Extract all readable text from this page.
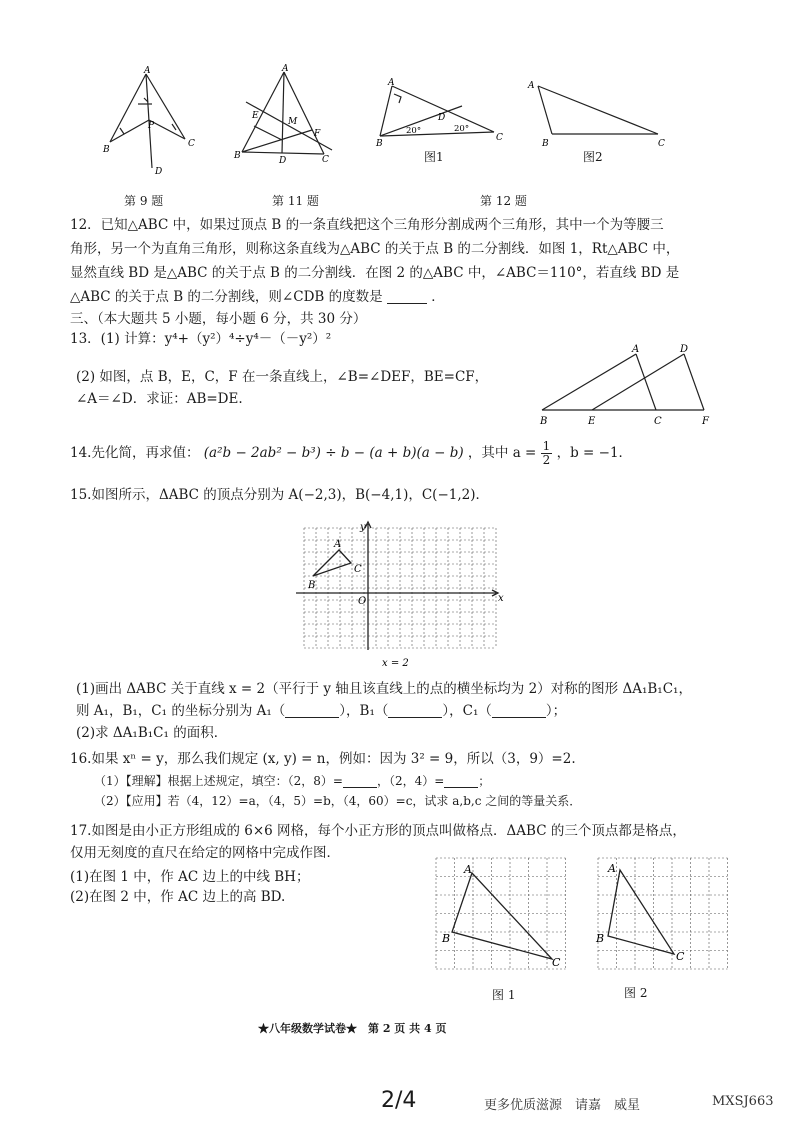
A
B
C
D
P
A
B	C
D
E
F
M
A
B
C
D
20°	20°
图1
A
B	C
图2
第 9 题	第 11 题	第 12 题
12．已知△ABC 中，如果过顶点 B 的一条直线把这个三角形分割成两个三角形，其中一个为等腰三
角形，另一个为直角三角形，则称这条直线为△ABC 的关于点 B 的二分割线．如图 1，Rt△ABC 中，
显然直线 BD 是△ABC 的关于点 B 的二分割线．在图 2 的△ABC 中，∠ABC＝110°，若直线 BD 是
△ABC 的关于点 B 的二分割线，则∠CDB 的度数是	．
三、（本大题共 5 小题，每小题 6 分，共 30 分）
13．(1) 计算：y⁴+（y²）⁴÷y⁴－（－y²）²
(2) 如图，点 B，E，C，F 在一条直线上，∠B=∠DEF，BE=CF，
∠A＝∠D．求证：AB=DE.
A
B	E	C
D
F
14.先化简，再求值： (a²b − 2ab² − b³) ÷ b − (a + b)(a − b) ，其中 $a = \frac{1}{2}$ ，b = −1．
15.如图所示，ΔABC 的顶点分别为 A(−2,3)，B(−4,1)，C(−1,2)．
x
y
O
A
B
C
x = 2
(1)画出 ΔABC 关于直线 x = 2（平行于 y 轴且该直线上的点的横坐标均为 2）对称的图形 ΔA₁B₁C₁，
则 A₁，B₁，C₁ 的坐标分别为 A₁（	），B₁（	），C₁（	）；
(2)求 ΔA₁B₁C₁ 的面积．
16.如果 xⁿ = y，那么我们规定 (x, y) = n，例如：因为 3² = 9，所以（3，9）=2.
（1）【理解】根据上述规定，填空：（2，8）=	，（2，4）=	；
（2）【应用】若（4，12）=a，（4，5）=b，（4，60）=c，试求 a,b,c 之间的等量关系．
17.如图是由小正方形组成的 6×6 网格，每个小正方形的顶点叫做格点．ΔABC 的三个顶点都是格点，
仅用无刻度的直尺在给定的网格中完成作图．
(1)在图 1 中，作 AC 边上的中线 BH；
(2)在图 2 中，作 AC 边上的高 BD.
A
B
C
A
B
C
图 1	图 2
★八年级数学试卷★　第 2 页 共 4 页
2/4	更多优质滋源　请嘉　威星	MXSJ663
